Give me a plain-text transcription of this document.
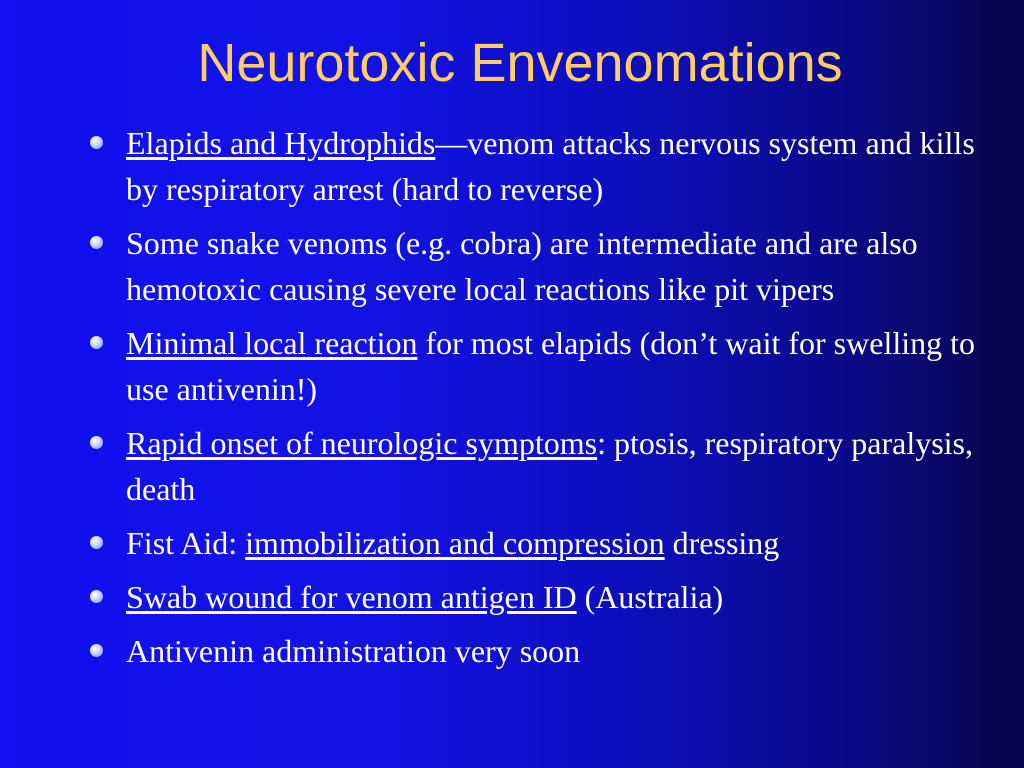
Neurotoxic Envenomations
Elapids and Hydrophids—venom attacks nervous system and kills by respiratory arrest (hard to reverse)
Some snake venoms (e.g. cobra) are intermediate and are also hemotoxic causing severe local reactions like pit vipers
Minimal local reaction for most elapids (don’t wait for swelling to use antivenin!)
Rapid onset of neurologic symptoms: ptosis, respiratory paralysis, death
Fist Aid: immobilization and compression dressing
Swab wound for venom antigen ID (Australia)
Antivenin administration very soon
